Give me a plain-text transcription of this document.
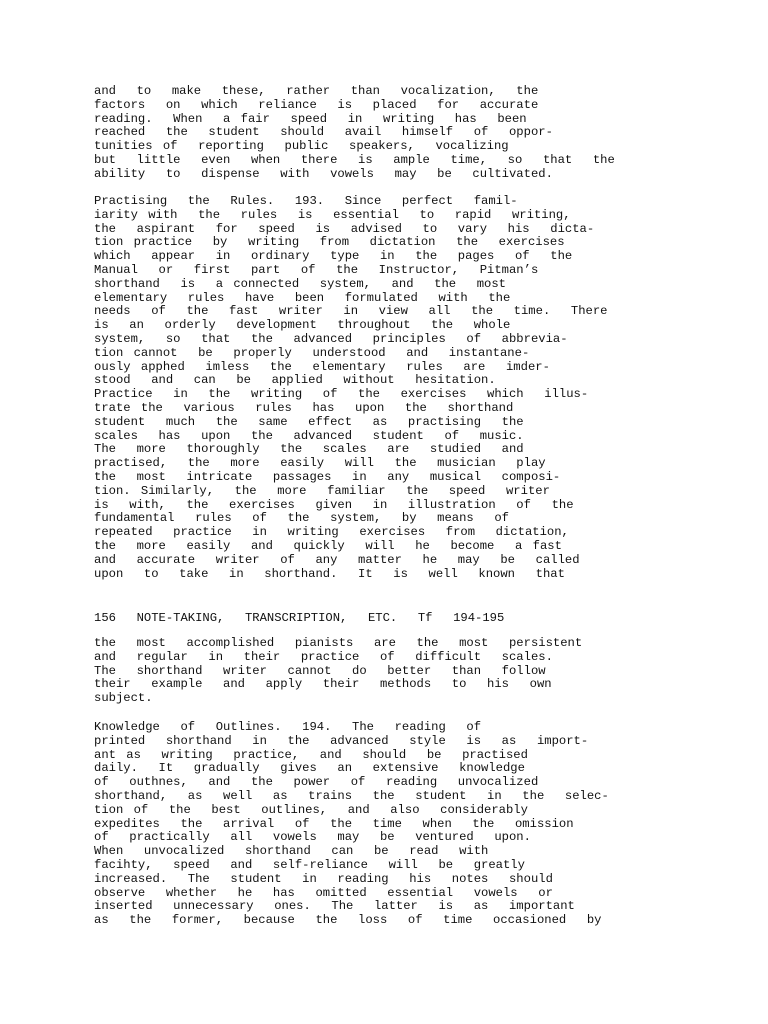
and  to  make  these,  rather  than  vocalization,  the
factors  on  which  reliance  is  placed  for  accurate
reading.  When  a fair  speed  in  writing  has  been
reached  the  student  should  avail  himself  of  oppor-
tunities of  reporting  public  speakers,  vocalizing
but  little  even  when  there  is  ample  time,  so  that  the
ability  to  dispense  with  vowels  may  be  cultivated.
Practising  the  Rules.  193.  Since  perfect  famil-
iarity with  the  rules  is  essential  to  rapid  writing,
the  aspirant  for  speed  is  advised  to  vary  his  dicta-
tion practice  by  writing  from  dictation  the  exercises
which  appear  in  ordinary  type  in  the  pages  of  the
Manual  or  first  part  of  the  Instructor,  Pitman’s
shorthand  is  a connected  system,  and  the  most
elementary  rules  have  been  formulated  with  the
needs  of  the  fast  writer  in  view  all  the  time.  There
is  an  orderly  development  throughout  the  whole
system,  so  that  the  advanced  principles  of  abbrevia-
tion cannot  be  properly  understood  and  instantane-
ously apphed  imless  the  elementary  rules  are  imder-
stood  and  can  be  applied  without  hesitation.
Practice  in  the  writing  of  the  exercises  which  illus-
trate the  various  rules  has  upon  the  shorthand
student  much  the  same  effect  as  practising  the
scales  has  upon  the  advanced  student  of  music.
The  more  thoroughly  the  scales  are  studied  and
practised,  the  more  easily  will  the  musician  play
the  most  intricate  passages  in  any  musical  composi-
tion. Similarly,  the  more  familiar  the  speed  writer
is  with,  the  exercises  given  in  illustration  of  the
fundamental  rules  of  the  system,  by  means  of
repeated  practice  in  writing  exercises  from  dictation,
the  more  easily  and  quickly  will  he  become  a fast
and  accurate  writer  of  any  matter  he  may  be  called
upon  to  take  in  shorthand.  It  is  well  known  that
156  NOTE-TAKING,  TRANSCRIPTION,  ETC.  Tf  194-195
the  most  accomplished  pianists  are  the  most  persistent
and  regular  in  their  practice  of  difficult  scales.
The  shorthand  writer  cannot  do  better  than  follow
their  example  and  apply  their  methods  to  his  own
subject.
Knowledge  of  Outlines.  194.  The  reading  of
printed  shorthand  in  the  advanced  style  is  as  import-
ant as  writing  practice,  and  should  be  practised
daily.  It  gradually  gives  an  extensive  knowledge
of  outhnes,  and  the  power  of  reading  unvocalized
shorthand,  as  well  as  trains  the  student  in  the  selec-
tion of  the  best  outlines,  and  also  considerably
expedites  the  arrival  of  the  time  when  the  omission
of  practically  all  vowels  may  be  ventured  upon.
When  unvocalized  shorthand  can  be  read  with
facihty,  speed  and  self-reliance  will  be  greatly
increased.  The  student  in  reading  his  notes  should
observe  whether  he  has  omitted  essential  vowels  or
inserted  unnecessary  ones.  The  latter  is  as  important
as  the  former,  because  the  loss  of  time  occasioned  by
